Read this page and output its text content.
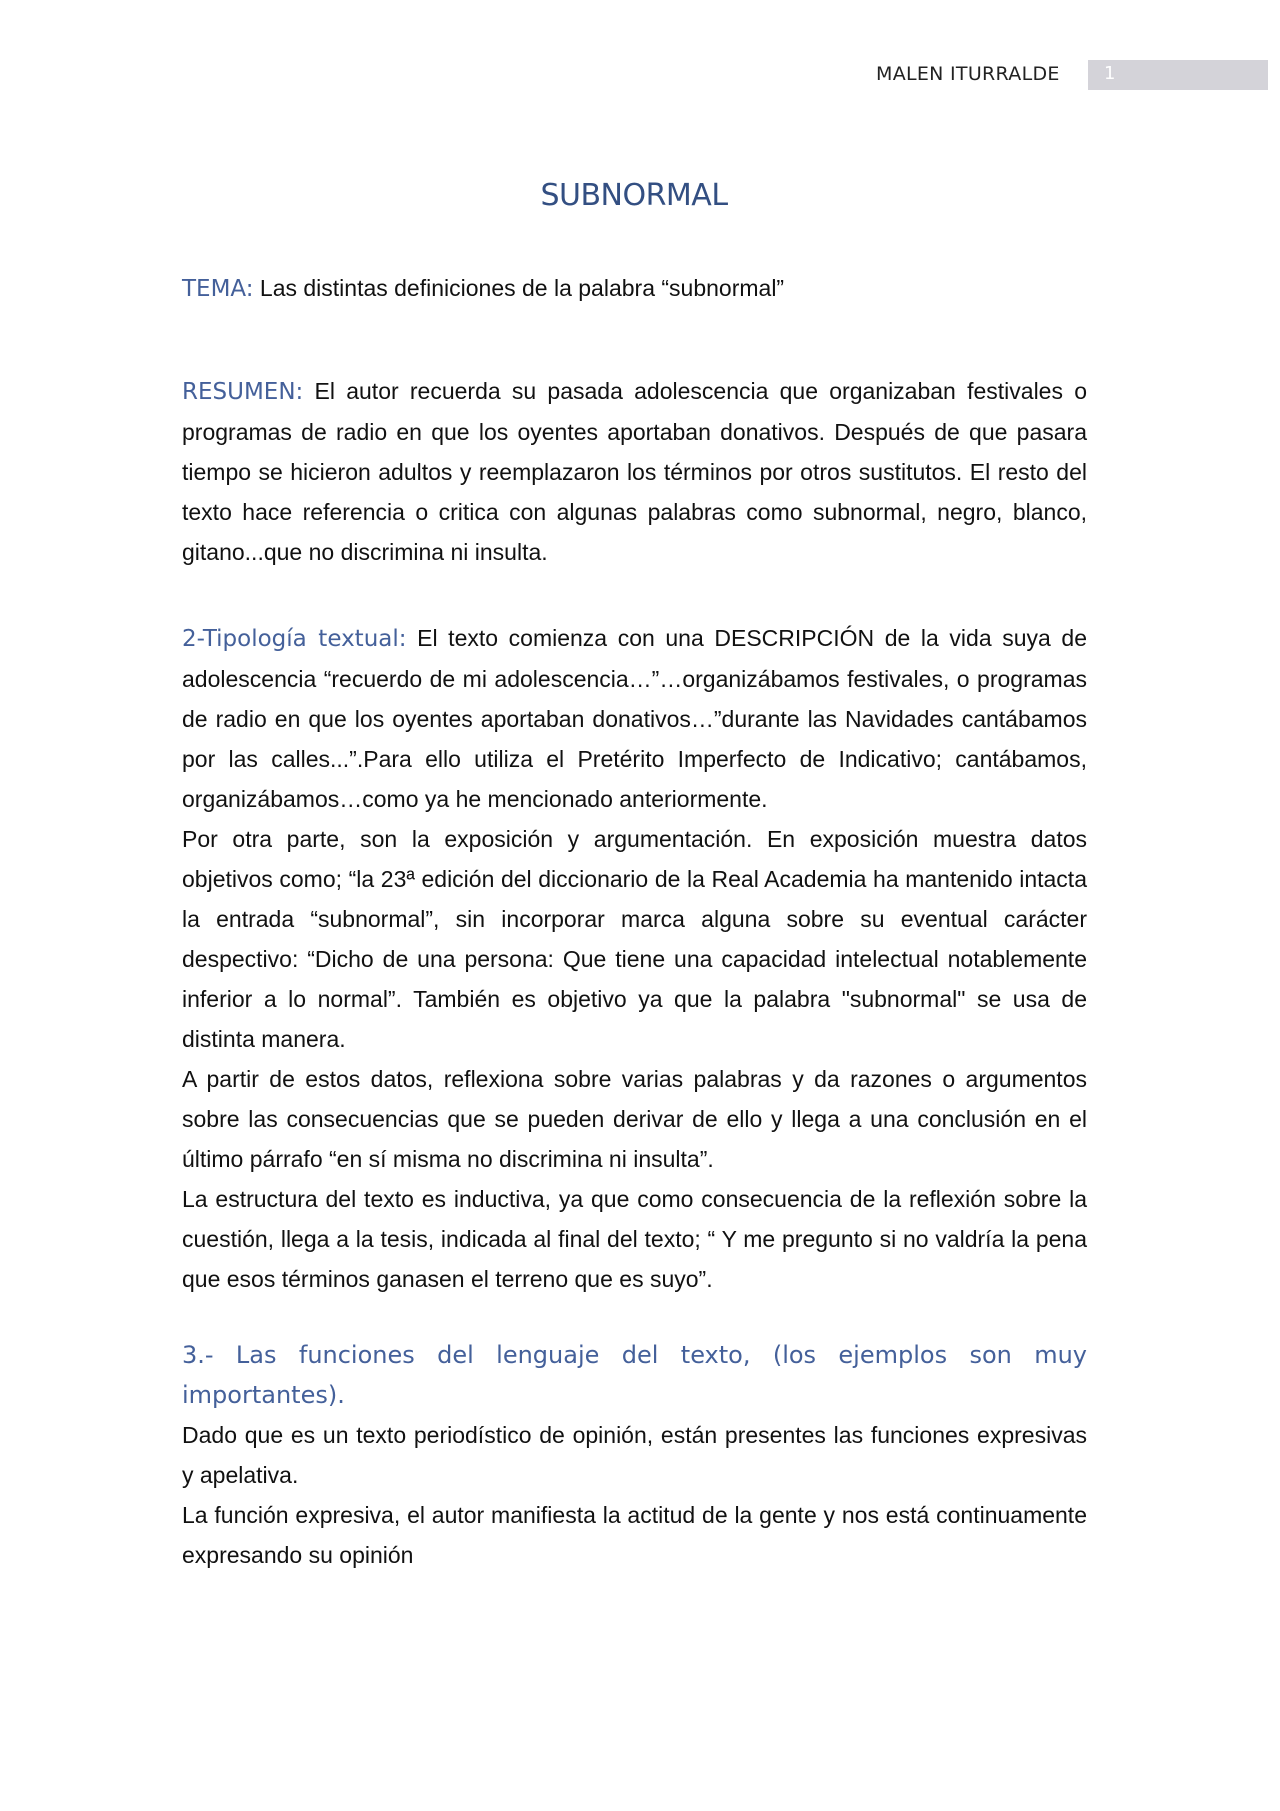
MALEN ITURRALDE 1
SUBNORMAL

TEMA: Las distintas definiciones de la palabra “subnormal”

RESUMEN: El autor recuerda su pasada adolescencia que organizaban festivales o programas de radio en que los oyentes aportaban donativos. Después de que pasara tiempo se hicieron adultos y reemplazaron los términos por otros sustitutos. El resto del texto hace referencia o critica con algunas palabras como subnormal, negro, blanco, gitano...que no discrimina ni insulta.

2-Tipología textual: El texto comienza con una DESCRIPCIÓN de la vida suya de adolescencia “recuerdo de mi adolescencia…”…organizábamos festivales, o programas de radio en que los oyentes aportaban donativos…”durante las Navidades cantábamos por las calles...”.Para ello utiliza el Pretérito Imperfecto de Indicativo; cantábamos, organizábamos…como ya he mencionado anteriormente.

Por otra parte, son la exposición y argumentación. En exposición muestra datos objetivos como; “la 23ª edición del diccionario de la Real Academia ha mantenido intacta la entrada “subnormal”, sin incorporar marca alguna sobre su eventual carácter despectivo: “Dicho de una persona: Que tiene una capacidad intelectual notablemente inferior a lo normal”. También es objetivo ya que la palabra "subnormal" se usa de distinta manera.

A partir de estos datos, reflexiona sobre varias palabras y da razones o argumentos sobre las consecuencias que se pueden derivar de ello y llega a una conclusión en el último párrafo “en sí misma no discrimina ni insulta”.

La estructura del texto es inductiva, ya que como consecuencia de la reflexión sobre la cuestión, llega a la tesis, indicada al final del texto; “ Y me pregunto si no valdría la pena que esos términos ganasen el terreno que es suyo”.

3.- Las funciones del lenguaje del texto, (los ejemplos son muy importantes).

Dado que es un texto periodístico de opinión, están presentes las funciones expresivas y apelativa.

La función expresiva, el autor manifiesta la actitud de la gente y nos está continuamente expresando su opinión
